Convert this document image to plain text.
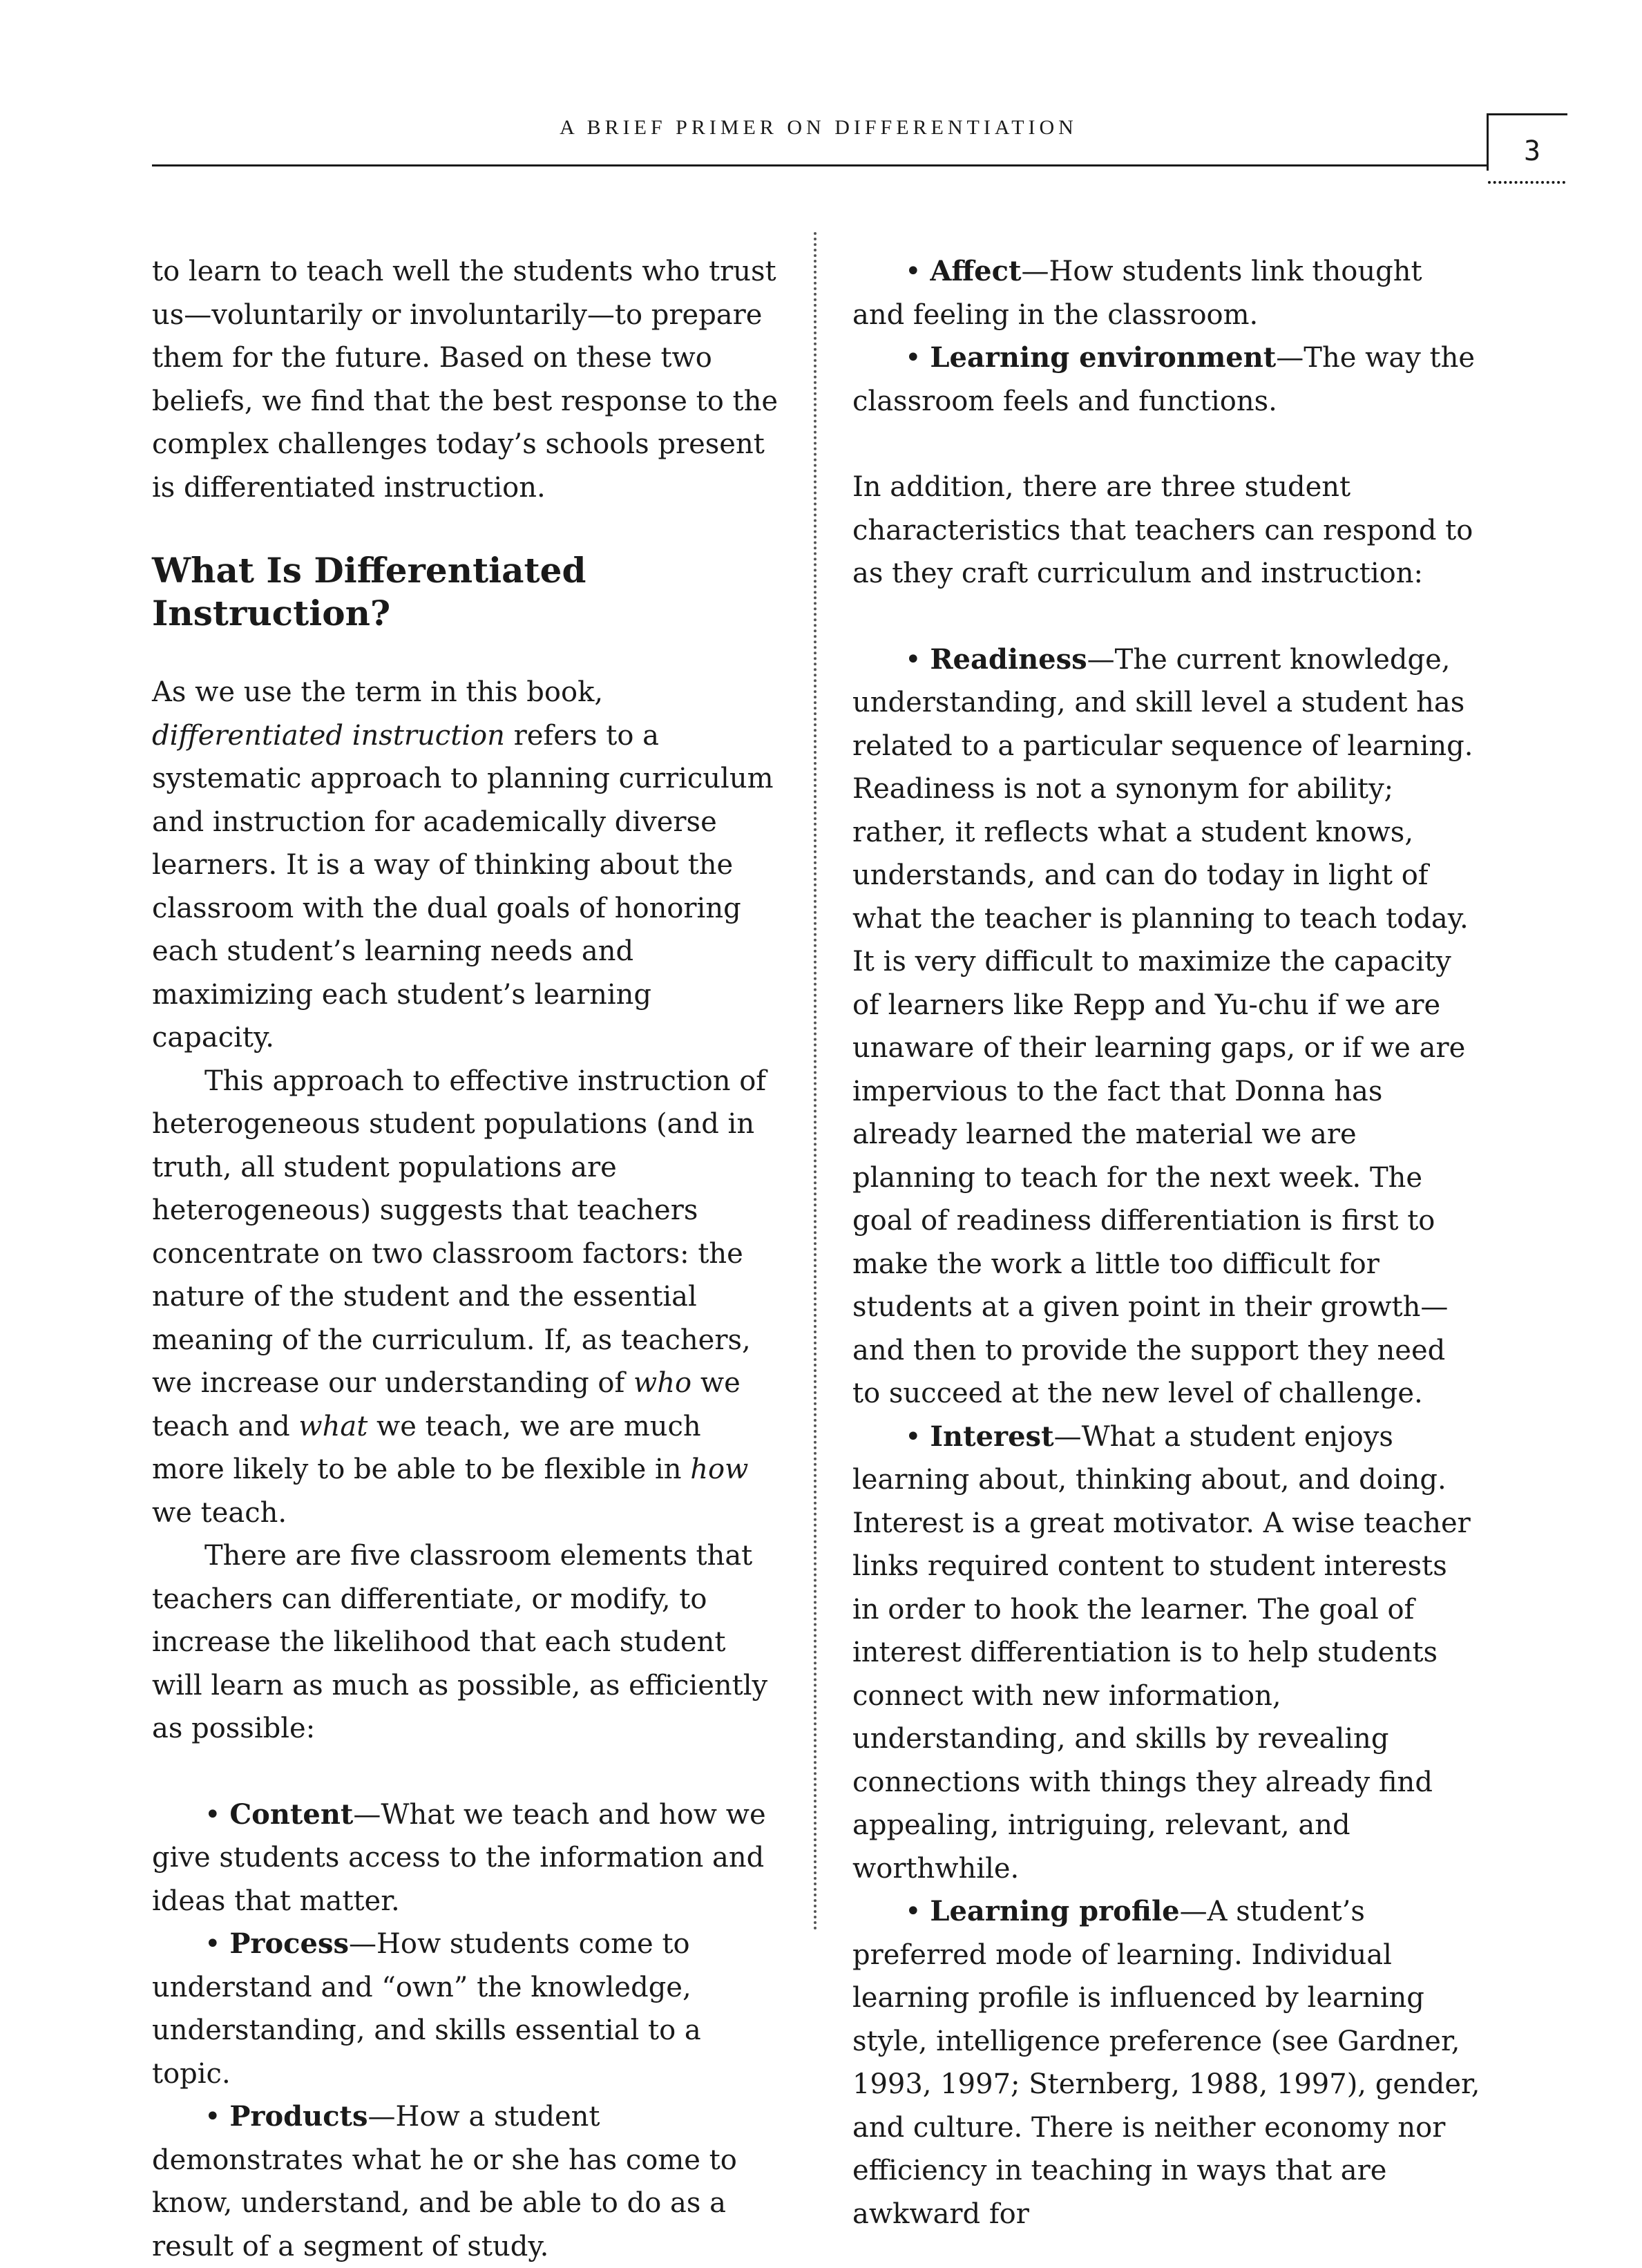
A BRIEF PRIMER ON DIFFERENTIATION
3

to learn to teach well the students who trust us—voluntarily or involuntarily—to prepare them for the future. Based on these two beliefs, we find that the best response to the complex challenges today’s schools present is differentiated instruction.

What Is Differentiated Instruction?

As we use the term in this book, differentiated instruction refers to a systematic approach to planning curriculum and instruction for academically diverse learners. It is a way of thinking about the classroom with the dual goals of honoring each student’s learning needs and maximizing each student’s learning capacity.

This approach to effective instruction of heterogeneous student populations (and in truth, all student populations are heterogeneous) suggests that teachers concentrate on two classroom factors: the nature of the student and the essential meaning of the curriculum. If, as teachers, we increase our understanding of who we teach and what we teach, we are much more likely to be able to be flexible in how we teach.

There are five classroom elements that teachers can differentiate, or modify, to increase the likelihood that each student will learn as much as possible, as efficiently as possible:

• Content—What we teach and how we give students access to the information and ideas that matter.

• Process—How students come to understand and “own” the knowledge, understanding, and skills essential to a topic.

• Products—How a student demonstrates what he or she has come to know, understand, and be able to do as a result of a segment of study.

• Affect—How students link thought and feeling in the classroom.

• Learning environment—The way the classroom feels and functions.

In addition, there are three student characteristics that teachers can respond to as they craft curriculum and instruction:

• Readiness—The current knowledge, understanding, and skill level a student has related to a particular sequence of learning. Readiness is not a synonym for ability; rather, it reflects what a student knows, understands, and can do today in light of what the teacher is planning to teach today. It is very difficult to maximize the capacity of learners like Repp and Yu-chu if we are unaware of their learning gaps, or if we are impervious to the fact that Donna has already learned the material we are planning to teach for the next week. The goal of readiness differentiation is first to make the work a little too difficult for students at a given point in their growth—and then to provide the support they need to succeed at the new level of challenge.

• Interest—What a student enjoys learning about, thinking about, and doing. Interest is a great motivator. A wise teacher links required content to student interests in order to hook the learner. The goal of interest differentiation is to help students connect with new information, understanding, and skills by revealing connections with things they already find appealing, intriguing, relevant, and worthwhile.

• Learning profile—A student’s preferred mode of learning. Individual learning profile is influenced by learning style, intelligence preference (see Gardner, 1993, 1997; Sternberg, 1988, 1997), gender, and culture. There is neither economy nor efficiency in teaching in ways that are awkward for
